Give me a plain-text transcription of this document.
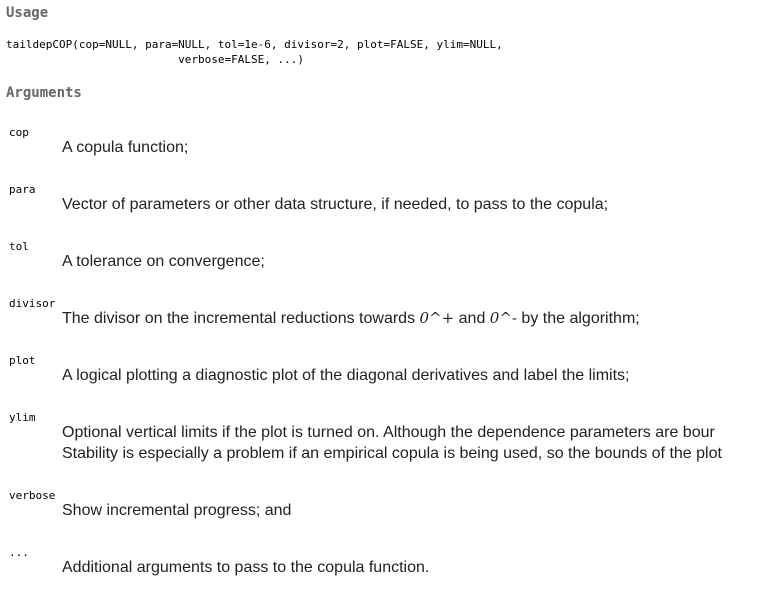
Usage
taildepCOP(cop=NULL, para=NULL, tol=1e-6, divisor=2, plot=FALSE, ylim=NULL,
verbose=FALSE, ...)
Arguments
cop
A copula function;
para
Vector of parameters or other data structure, if needed, to pass to the copula;
tol
A tolerance on convergence;
divisor
The divisor on the incremental reductions towards 0^+ and 0^- by the algorithm;
plot
A logical plotting a diagnostic plot of the diagonal derivatives and label the limits;
ylim
Optional vertical limits if the plot is turned on. Although the dependence parameters are bour
Stability is especially a problem if an empirical copula is being used, so the bounds of the plot
verbose
Show incremental progress; and
...
Additional arguments to pass to the copula function.
